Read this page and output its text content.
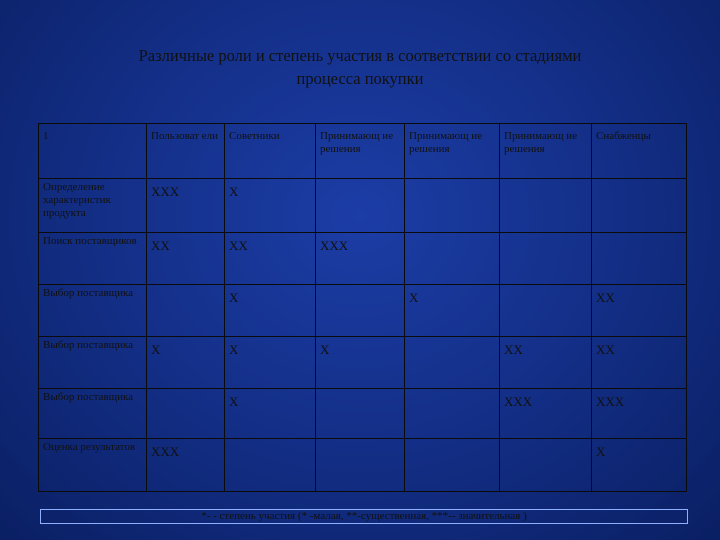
Различные роли и степень участия в соответствии со стадиями
процесса покупки
1	Пользоват ели	Советники	Принимающ ие решения	Принимающ ие решения	Принимающ ие решения	Снабженцы
Определение характеристик продукта	XXX	X				
Поиск поставщиков	XX	XX	XXX			
Выбор поставщика		X		X		XX
Выбор поставщика	X	X	X		XX	XX
Выбор поставщика		X			XXX	XXX
Оценка результатов	XXX					X
*- - степень участия (* -малая, **-существенная, ***-- значительная )
